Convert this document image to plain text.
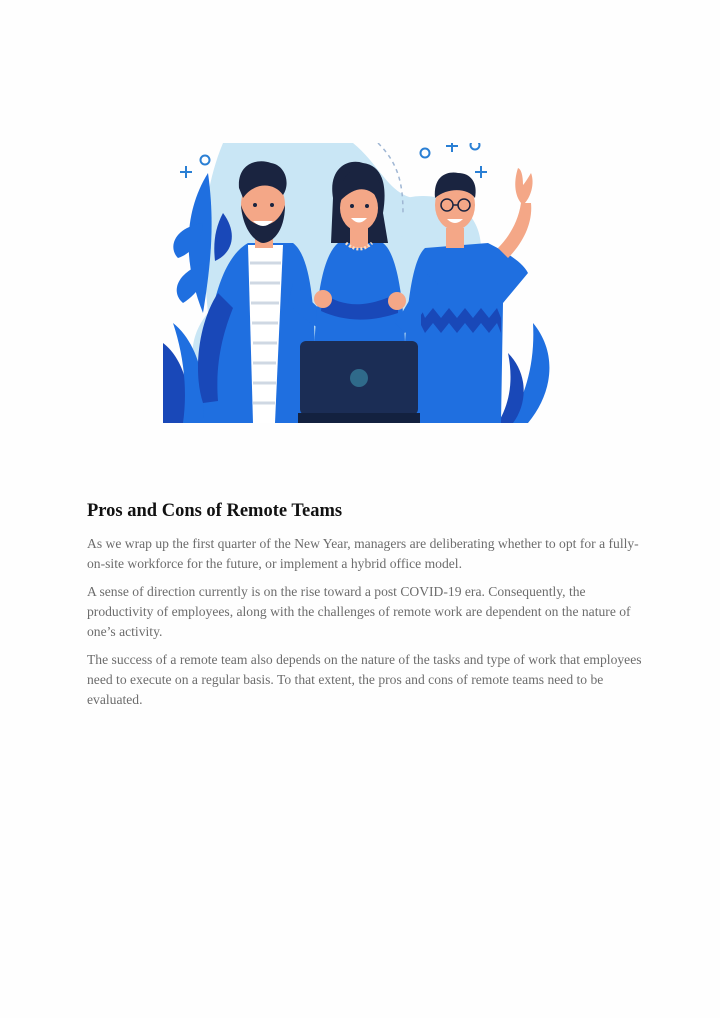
Pros and Cons of Remote Teams

As we wrap up the first quarter of the New Year, managers are deliberating whether to opt for a fully-on-site workforce for the future, or implement a hybrid office model.

A sense of direction currently is on the rise toward a post COVID-19 era. Consequently, the productivity of employees, along with the challenges of remote work are dependent on the nature of one’s activity.

The success of a remote team also depends on the nature of the tasks and type of work that employees need to execute on a regular basis. To that extent, the pros and cons of remote teams need to be evaluated.
